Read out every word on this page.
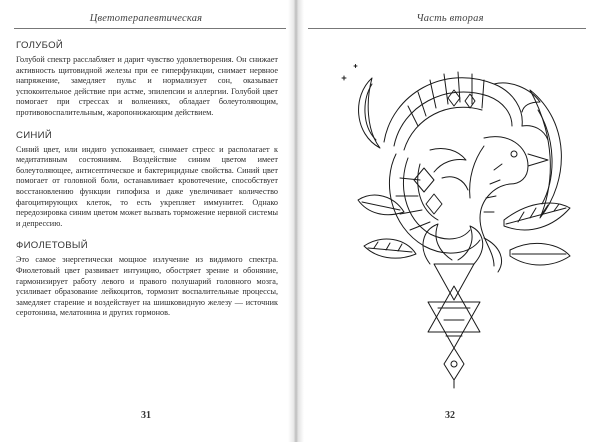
Цветотерапевтическая
ГОЛУБОЙ

Голубой спектр расслабляет и дарит чувство удовлетворения. Он снижает активность щитовидной железы при ее гиперфункции, снимает нервное напряжение, замедляет пульс и нормализует сон, оказывает успокоительное действие при астме, эпилепсии и аллергии. Голубой цвет помогает при стрессах и волнениях, обладает болеутоляющим, противовоспалительным, жаропонижающим действием.

СИНИЙ

Синий цвет, или индиго успокаивает, снимает стресс и располагает к медитативным состояниям. Воздействие синим цветом имеет болеутоляющее, антисептическое и бактерицидные свойства. Синий цвет помогает от головной боли, останавливает кровотечение, способствует восстановлению функции гипофиза и даже увеличивает количество фагоцитирующих клеток, то есть укрепляет иммунитет. Однако передозировка синим цветом может вызвать торможение нервной системы и депрессию.

ФИОЛЕТОВЫЙ

Это самое энергетически мощное излучение из видимого спектра. Фиолетовый цвет развивает интуицию, обостряет зрение и обоняние, гармонизирует работу левого и правого полушарий головного мозга, усиливает образование лейкоцитов, тормозит воспалительные процессы, замедляет старение и воздействует на шишковидную железу — источник серотонина, мелатонина и других гормонов.

31
Часть вторая
32
